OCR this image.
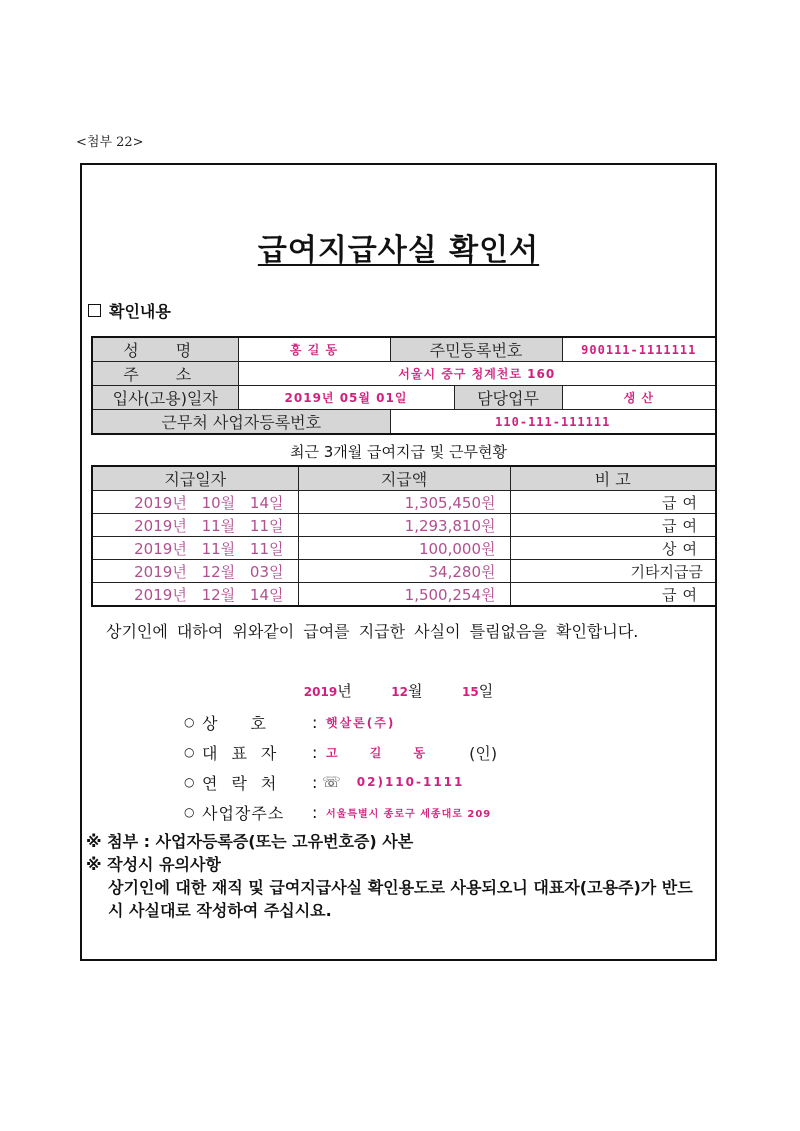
<첨부 22>
급여지급사실 확인서
확인내용
성 명	홍 길 동	주민등록번호		900111-1111111
주 소	서울시 중구 청계천로 160			
입사(고용)일자	2019년 05월 01일		담당업무	생 산
근무처 사업자등록번호		110-111-111111		
최근 3개월 급여지급 및 근무현황
지급일자	지급액	비 고
2019년 10월 14일	1,305,450원	급여
2019년 11월 11일	1,293,810원	급여
2019년 11월 11일	100,000원	상여
2019년 12월 03일	34,280원	기타지급금
2019년 12월 14일	1,500,254원	급여
상기인에 대하여 위와같이 급여를 지급한 사실이 틀림없음을 확인합니다.
2019년	12월	15일
○ 상 호	: 햇살론(주)
○ 대표자	: 고 길 동 (인)
○ 연락처	: ☏ 02)110-1111
○ 사업장주소	: 서울특별시 종로구 세종대로 209
※ 첨부 : 사업자등록증(또는 고유번호증) 사본
※ 작성시 유의사항
상기인에 대한 재직 및 급여지급사실 확인용도로 사용되오니 대표자(고용주)가 반드시 사실대로 작성하여 주십시요.
